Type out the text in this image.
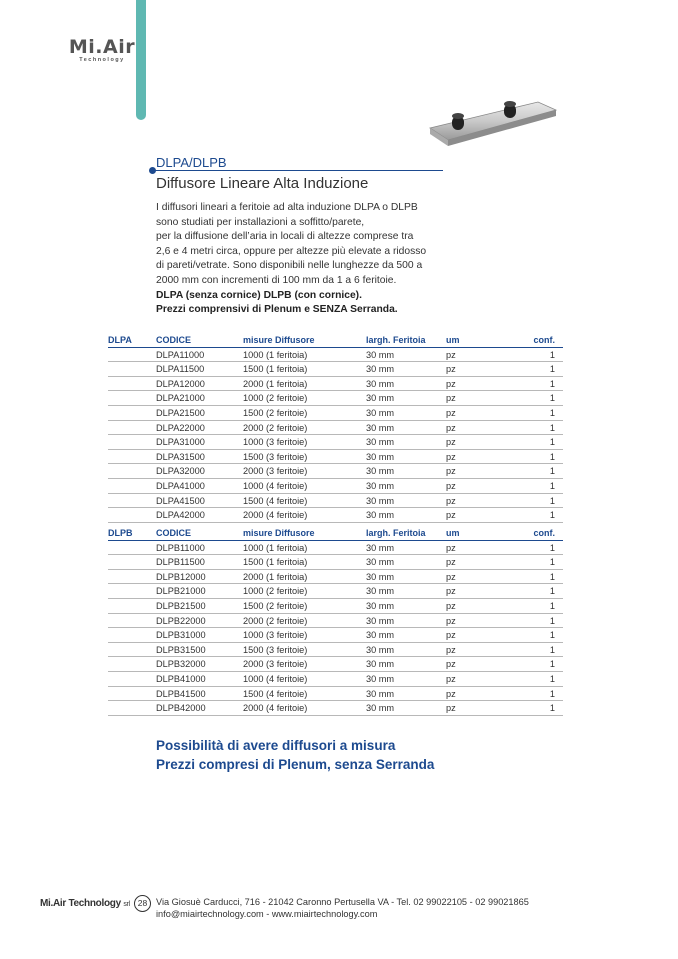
Mi.Air
Technology
DLPA/DLPB
Diffusore Lineare Alta Induzione
I diffusori lineari a feritoie ad alta induzione DLPA o DLPB
sono studiati per installazioni a soffitto/parete,
per la diffusione dell’aria in locali di altezze comprese tra
2,6 e 4 metri circa, oppure per altezze più elevate a ridosso
di pareti/vetrate. Sono disponibili nelle lunghezze da 500 a
2000 mm con incrementi di 100 mm da 1 a 6 feritoie.
DLPA (senza cornice) DLPB (con cornice).
Prezzi comprensivi di Plenum e SENZA Serranda.
DLPA	CODICE	misure Diffusore	largh. Feritoia um	conf.
DLPA11000	1000 (1 feritoia)	30 mm	pz	1
DLPA11500	1500 (1 feritoia)	30 mm	pz	1
DLPA12000	2000 (1 feritoia)	30 mm	pz	1
DLPA21000	1000 (2 feritoie)	30 mm	pz	1
DLPA21500	1500 (2 feritoie)	30 mm	pz	1
DLPA22000	2000 (2 feritoie)	30 mm	pz	1
DLPA31000	1000 (3 feritoie)	30 mm	pz	1
DLPA31500	1500 (3 feritoie)	30 mm	pz	1
DLPA32000	2000 (3 feritoie)	30 mm	pz	1
DLPA41000	1000 (4 feritoie)	30 mm	pz	1
DLPA41500	1500 (4 feritoie)	30 mm	pz	1
DLPA42000	2000 (4 feritoie)	30 mm	pz	1
DLPB	CODICE	misure Diffusore	largh. Feritoia um	conf.
DLPB11000	1000 (1 feritoia)	30 mm	pz	1
DLPB11500	1500 (1 feritoia)	30 mm	pz	1
DLPB12000	2000 (1 feritoia)	30 mm	pz	1
DLPB21000	1000 (2 feritoie)	30 mm	pz	1
DLPB21500	1500 (2 feritoie)	30 mm	pz	1
DLPB22000	2000 (2 feritoie)	30 mm	pz	1
DLPB31000	1000 (3 feritoie)	30 mm	pz	1
DLPB31500	1500 (3 feritoie)	30 mm	pz	1
DLPB32000	2000 (3 feritoie)	30 mm	pz	1
DLPB41000	1000 (4 feritoie)	30 mm	pz	1
DLPB41500	1500 (4 feritoie)	30 mm	pz	1
DLPB42000	2000 (4 feritoie)	30 mm	pz	1
Possibilità di avere diffusori a misura
Prezzi compresi di Plenum, senza Serranda
Mi.Air Technology srl 28 Via Giosuè Carducci, 716 - 21042 Caronno Pertusella VA - Tel. 02 99022105 - 02 99021865
info@miairtechnology.com - www.miairtechnology.com
